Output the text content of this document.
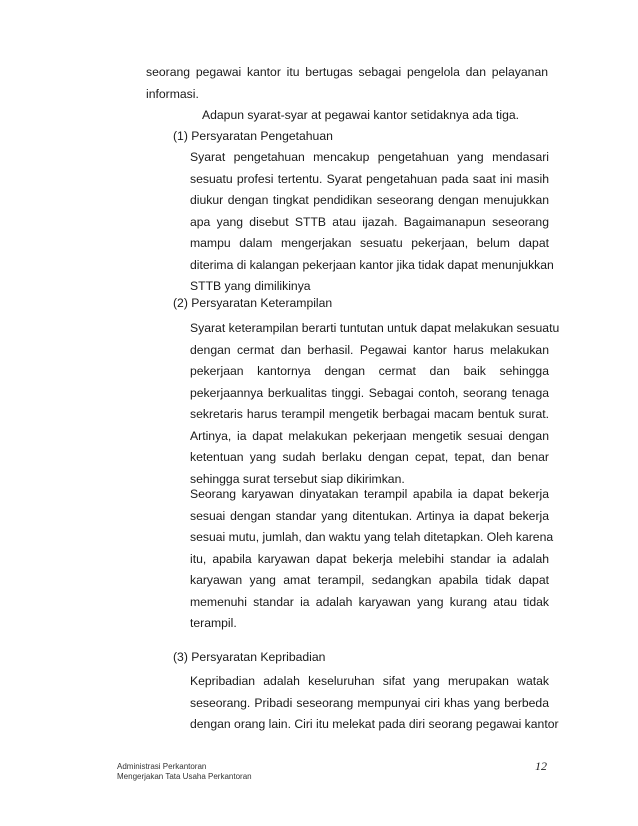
seorang pegawai kantor itu bertugas sebagai pengelola dan pelayanan
informasi.

Adapun syarat-syar at pegawai kantor setidaknya ada tiga.

(1) Persyaratan Pengetahuan

Syarat pengetahuan mencakup pengetahuan yang mendasari
sesuatu profesi tertentu. Syarat pengetahuan pada saat ini masih
diukur dengan tingkat pendidikan seseorang dengan menujukkan
apa yang disebut STTB atau ijazah. Bagaimanapun seseorang
mampu dalam mengerjakan sesuatu pekerjaan, belum dapat
diterima di kalangan pekerjaan kantor jika tidak dapat menunjukkan
STTB yang dimilikinya

(2) Persyaratan Keterampilan

Syarat keterampilan berarti tuntutan untuk dapat melakukan sesuatu
dengan cermat dan berhasil. Pegawai kantor harus melakukan
pekerjaan kantornya dengan cermat dan baik sehingga
pekerjaannya berkualitas tinggi. Sebagai contoh, seorang tenaga
sekretaris harus terampil mengetik berbagai macam bentuk surat.
Artinya, ia dapat melakukan pekerjaan mengetik sesuai dengan
ketentuan yang sudah berlaku dengan cepat, tepat, dan benar
sehingga surat tersebut siap dikirimkan.
Seorang karyawan dinyatakan terampil apabila ia dapat bekerja
sesuai dengan standar yang ditentukan. Artinya ia dapat bekerja
sesuai mutu, jumlah, dan waktu yang telah ditetapkan. Oleh karena
itu, apabila karyawan dapat bekerja melebihi standar ia adalah
karyawan yang amat terampil, sedangkan apabila tidak dapat
memenuhi standar ia adalah karyawan yang kurang atau tidak
terampil.

(3) Persyaratan Kepribadian

Kepribadian adalah keseluruhan sifat yang merupakan watak
seseorang. Pribadi seseorang mempunyai ciri khas yang berbeda
dengan orang lain. Ciri itu melekat pada diri seorang pegawai kantor
Administrasi Perkantoran
Mengerjakan Tata Usaha Perkantoran
12
